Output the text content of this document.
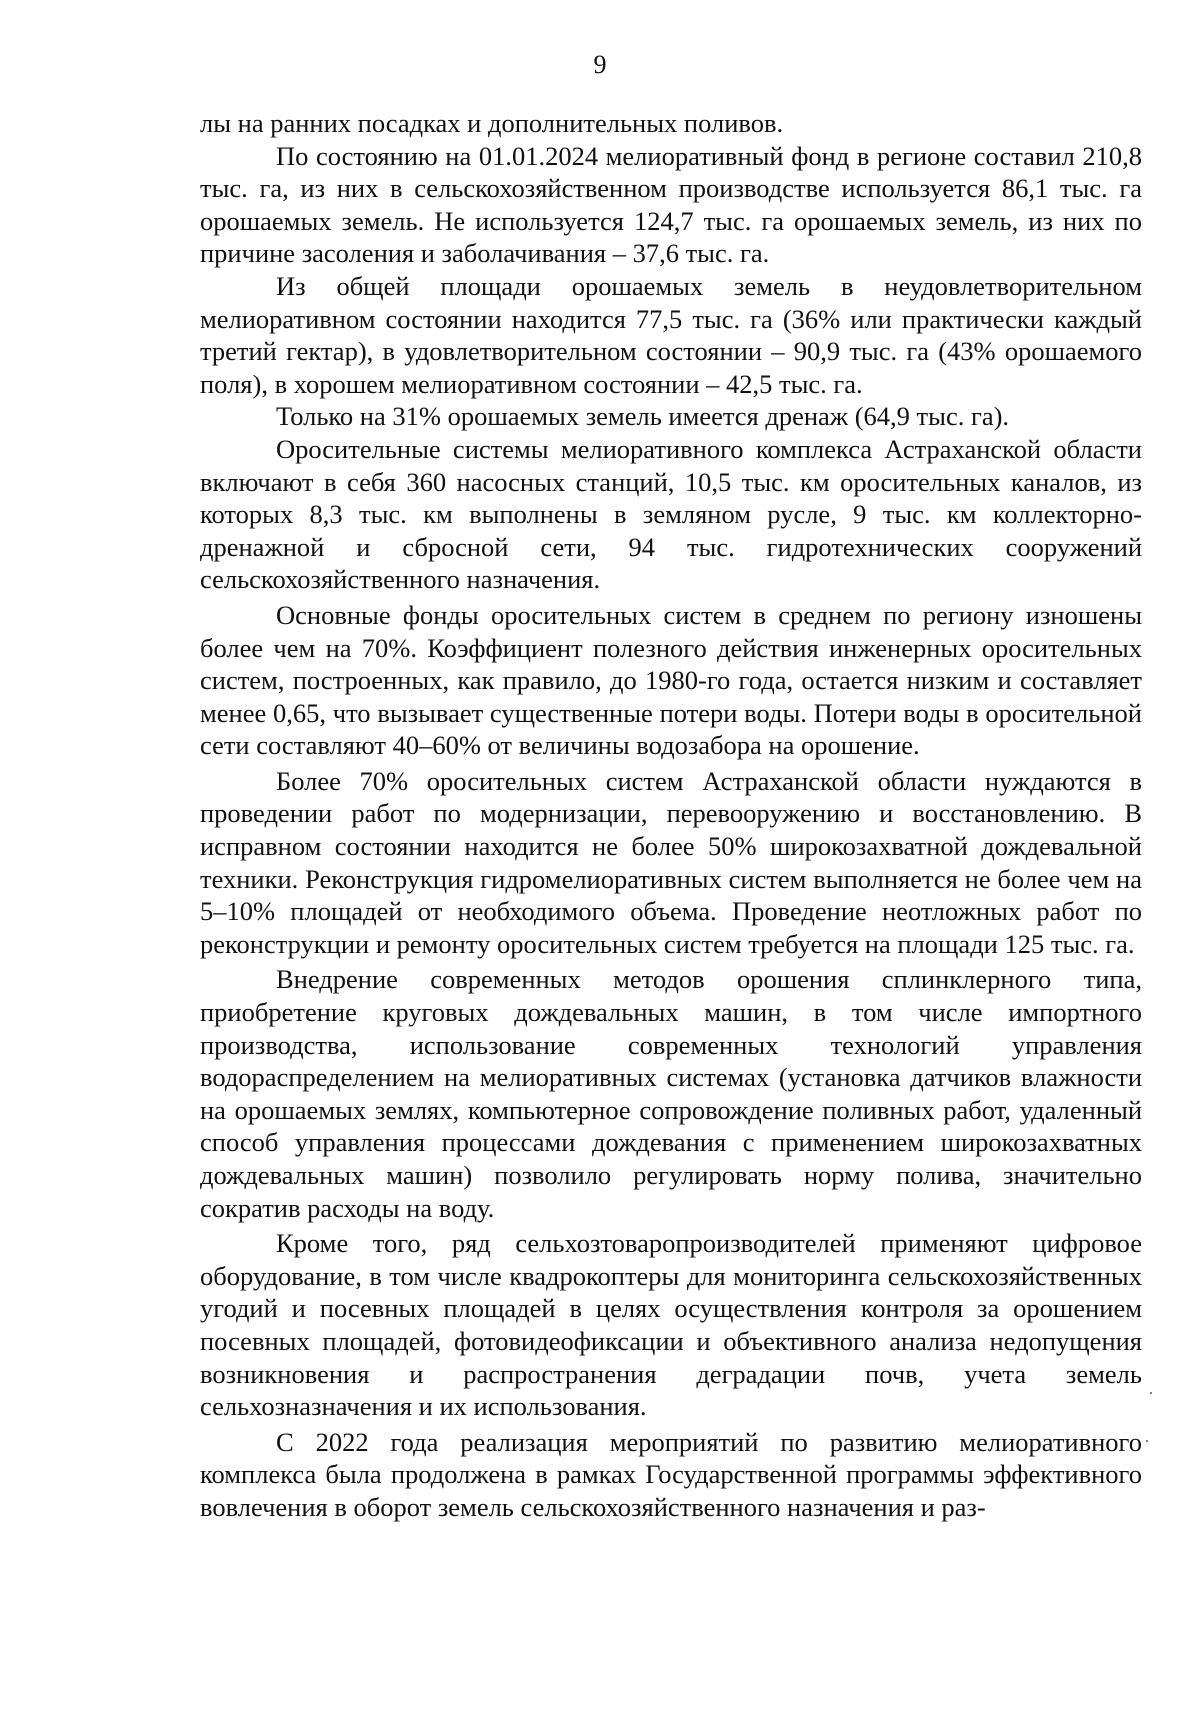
9

лы на ранних посадках и дополнительных поливов.

По состоянию на 01.01.2024 мелиоративный фонд в регионе составил 210,8 тыс. га, из них в сельскохозяйственном производстве используется 86,1 тыс. га орошаемых земель. Не используется 124,7 тыс. га орошаемых земель, из них по причине засоления и заболачивания – 37,6 тыс. га.

Из общей площади орошаемых земель в неудовлетворительном мелиоративном состоянии находится 77,5 тыс. га (36% или практически каждый третий гектар), в удовлетворительном состоянии – 90,9 тыс. га (43% орошаемого поля), в хорошем мелиоративном состоянии – 42,5 тыс. га.

Только на 31% орошаемых земель имеется дренаж (64,9 тыс. га).

Оросительные системы мелиоративного комплекса Астраханской области включают в себя 360 насосных станций, 10,5 тыс. км оросительных каналов, из которых 8,3 тыс. км выполнены в земляном русле, 9 тыс. км коллекторно-дренажной и сбросной сети, 94 тыс. гидротехнических сооружений сельскохозяйственного назначения.

Основные фонды оросительных систем в среднем по региону изношены более чем на 70%. Коэффициент полезного действия инженерных оросительных систем, построенных, как правило, до 1980-го года, остается низким и составляет менее 0,65, что вызывает существенные потери воды. Потери воды в оросительной сети составляют 40–60% от величины водозабора на орошение.

Более 70% оросительных систем Астраханской области нуждаются в проведении работ по модернизации, перевооружению и восстановлению. В исправном состоянии находится не более 50% широкозахватной дождевальной техники. Реконструкция гидромелиоративных систем выполняется не более чем на 5–10% площадей от необходимого объема. Проведение неотложных работ по реконструкции и ремонту оросительных систем требуется на площади 125 тыс. га.

Внедрение современных методов орошения сплинклерного типа, приобретение круговых дождевальных машин, в том числе импортного производства, использование современных технологий управления водораспределением на мелиоративных системах (установка датчиков влажности на орошаемых землях, компьютерное сопровождение поливных работ, удаленный способ управления процессами дождевания с применением широкозахватных дождевальных машин) позволило регулировать норму полива, значительно сократив расходы на воду.

Кроме того, ряд сельхозтоваропроизводителей применяют цифровое оборудование, в том числе квадрокоптеры для мониторинга сельскохозяйственных угодий и посевных площадей в целях осуществления контроля за орошением посевных площадей, фотовидеофиксации и объективного анализа недопущения возникновения и распространения деградации почв, учета земель сельхозназначения и их использования.

С 2022 года реализация мероприятий по развитию мелиоративного комплекса была продолжена в рамках Государственной программы эффективного вовлечения в оборот земель сельскохозяйственного назначения и раз-
